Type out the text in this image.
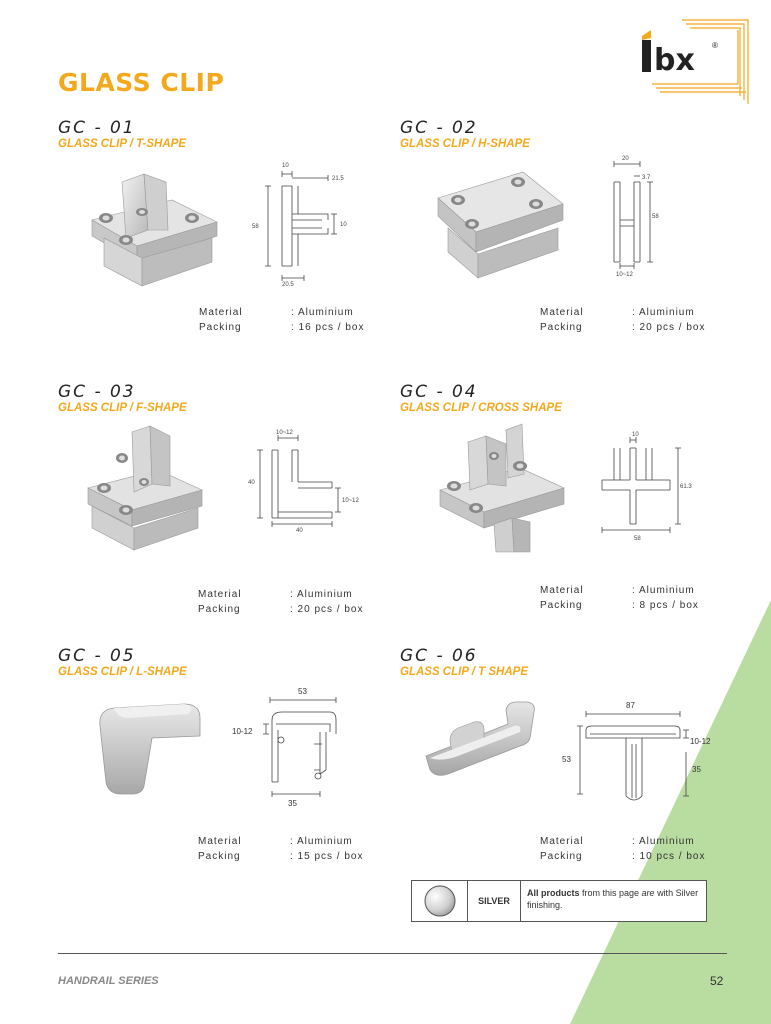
bx ®
GLASS CLIP
GC - 01
GLASS CLIP / T-SHAPE
10
21.5
58	10
20.5
Material	: Aluminium
Packing	: 16 pcs / box
GC - 02
GLASS CLIP / H-SHAPE
20
3.7
58
10~12
Material	: Aluminium
Packing	: 20 pcs / box
GC - 03
GLASS CLIP / F-SHAPE
10~12
40
10~12
40
Material	: Aluminium
Packing	: 20 pcs / box
GC - 04
GLASS CLIP / CROSS SHAPE
10
61.3
58
Material	: Aluminium
Packing	: 8 pcs / box
GC - 05
GLASS CLIP / L-SHAPE
53
10-12
35
Material	: Aluminium
Packing	: 15 pcs / box
GC - 06
GLASS CLIP / T SHAPE
87
10-12
53
35
Material	: Aluminium
Packing	: 10 pcs / box
SILVER
All products from this page are with Silver finishing.
HANDRAIL SERIES	52
